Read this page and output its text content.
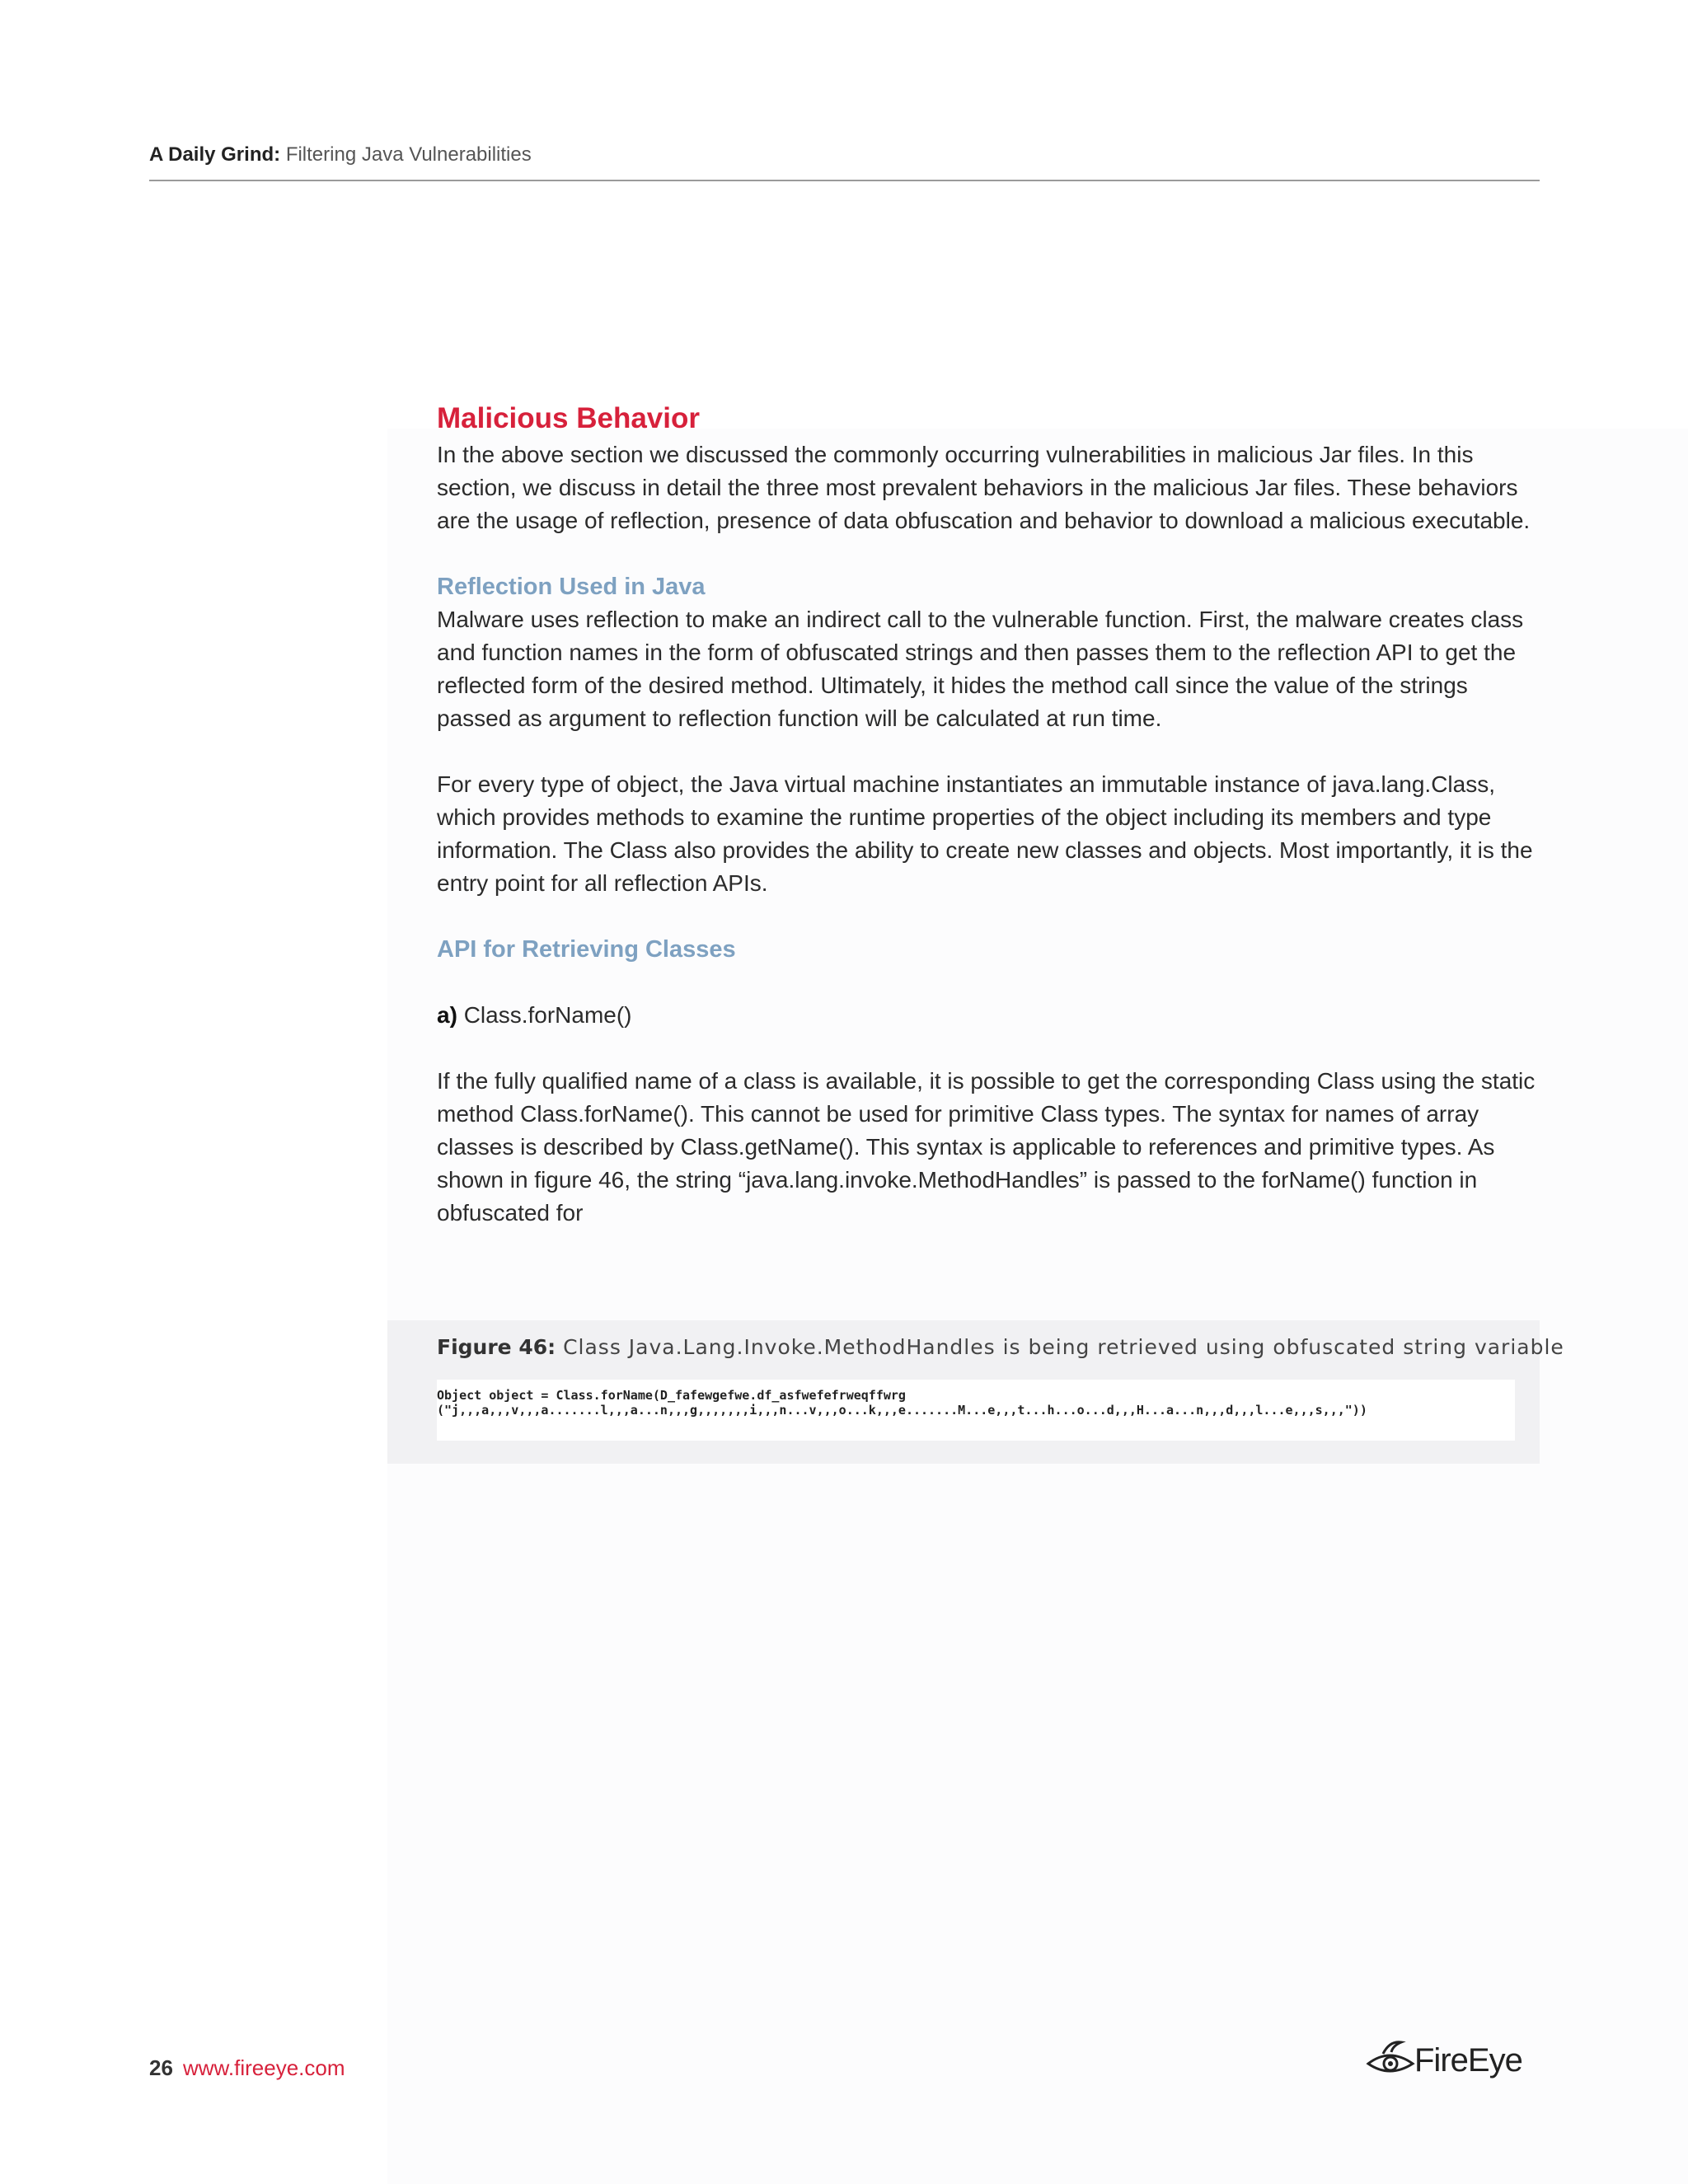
A Daily Grind: Filtering Java Vulnerabilities
Malicious Behavior

In the above section we discussed the commonly occurring vulnerabilities in malicious Jar files. In this section, we discuss in detail the three most prevalent behaviors in the malicious Jar files. These behaviors are the usage of reflection, presence of data obfuscation and behavior to download a malicious executable.

Reflection Used in Java

Malware uses reflection to make an indirect call to the vulnerable function. First, the malware creates class and function names in the form of obfuscated strings and then passes them to the reflection API to get the reflected form of the desired method. Ultimately, it hides the method call since the value of the strings passed as argument to reflection function will be calculated at run time.

For every type of object, the Java virtual machine instantiates an immutable instance of java.lang.Class, which provides methods to examine the runtime properties of the object including its members and type information. The Class also provides the ability to create new classes and objects. Most importantly, it is the entry point for all reflection APIs.

API for Retrieving Classes

a) Class.forName()

If the fully qualified name of a class is available, it is possible to get the corresponding Class using the static method Class.forName(). This cannot be used for primitive Class types. The syntax for names of array classes is described by Class.getName(). This syntax is applicable to references and primitive types. As shown in figure 46, the string “java.lang.invoke.MethodHandles” is passed to the forName() function in obfuscated for

Figure 46: Class Java.Lang.Invoke.MethodHandles is being retrieved using obfuscated string variable
Object object = Class.forName(D_fafewgefwe.df_asfwefefrweqffwrg
("j,,,a,,,v,,,a.......l,,,a...n,,,g,,,,,,,i,,,n...v,,,o...k,,,e.......M...e,,,t...h...o...d,,,H...a...n,,,d,,,l...e,,,s,,,"))
26 www.fireeye.com	FireEye
